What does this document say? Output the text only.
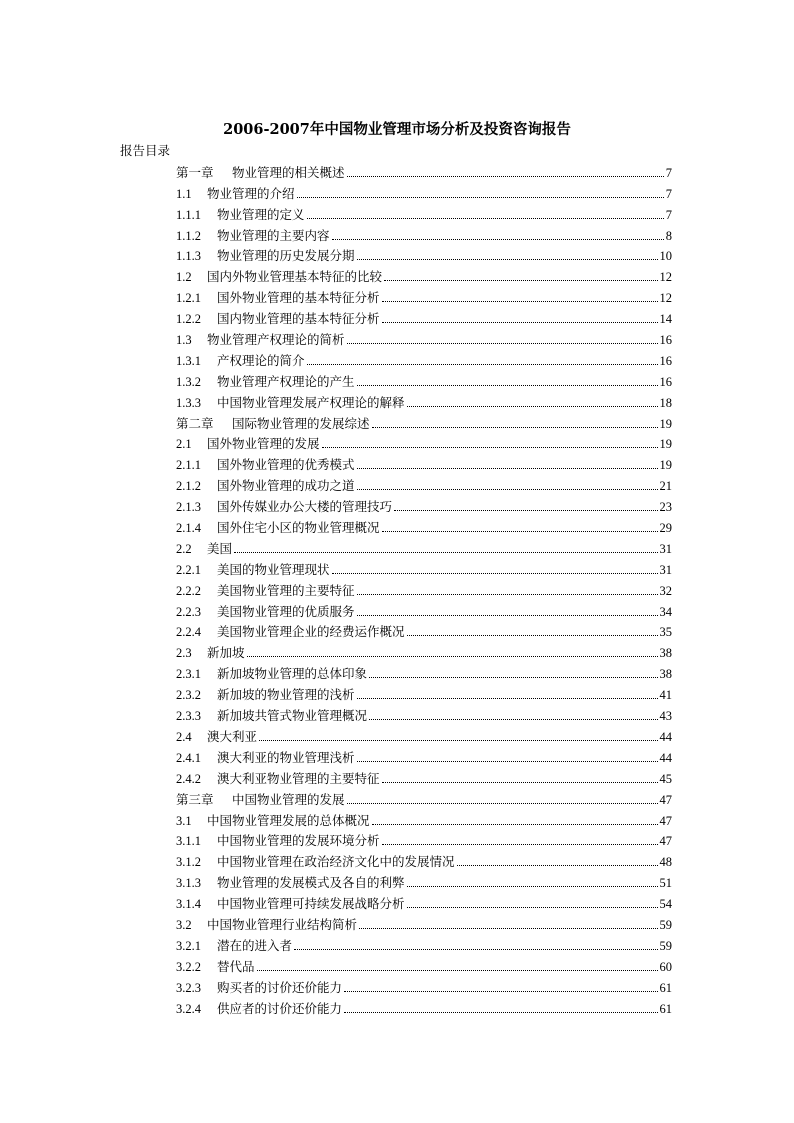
2006-2007年中国物业管理市场分析及投资咨询报告
报告目录
第一章	物业管理的相关概述	7
1.1	物业管理的介绍	7
1.1.1	物业管理的定义	7
1.1.2	物业管理的主要内容	8
1.1.3	物业管理的历史发展分期	10
1.2	国内外物业管理基本特征的比较	12
1.2.1	国外物业管理的基本特征分析	12
1.2.2	国内物业管理的基本特征分析	14
1.3	物业管理产权理论的简析	16
1.3.1	产权理论的简介	16
1.3.2	物业管理产权理论的产生	16
1.3.3	中国物业管理发展产权理论的解释	18
第二章	国际物业管理的发展综述	19
2.1	国外物业管理的发展	19
2.1.1	国外物业管理的优秀模式	19
2.1.2	国外物业管理的成功之道	21
2.1.3	国外传媒业办公大楼的管理技巧	23
2.1.4	国外住宅小区的物业管理概况	29
2.2	美国	31
2.2.1	美国的物业管理现状	31
2.2.2	美国物业管理的主要特征	32
2.2.3	美国物业管理的优质服务	34
2.2.4	美国物业管理企业的经费运作概况	35
2.3	新加坡	38
2.3.1	新加坡物业管理的总体印象	38
2.3.2	新加坡的物业管理的浅析	41
2.3.3	新加坡共管式物业管理概况	43
2.4	澳大利亚	44
2.4.1	澳大利亚的物业管理浅析	44
2.4.2	澳大利亚物业管理的主要特征	45
第三章	中国物业管理的发展	47
3.1	中国物业管理发展的总体概况	47
3.1.1	中国物业管理的发展环境分析	47
3.1.2	中国物业管理在政治经济文化中的发展情况	48
3.1.3	物业管理的发展模式及各自的利弊	51
3.1.4	中国物业管理可持续发展战略分析	54
3.2	中国物业管理行业结构简析	59
3.2.1	潜在的进入者	59
3.2.2	替代品	60
3.2.3	购买者的讨价还价能力	61
3.2.4	供应者的讨价还价能力	61
